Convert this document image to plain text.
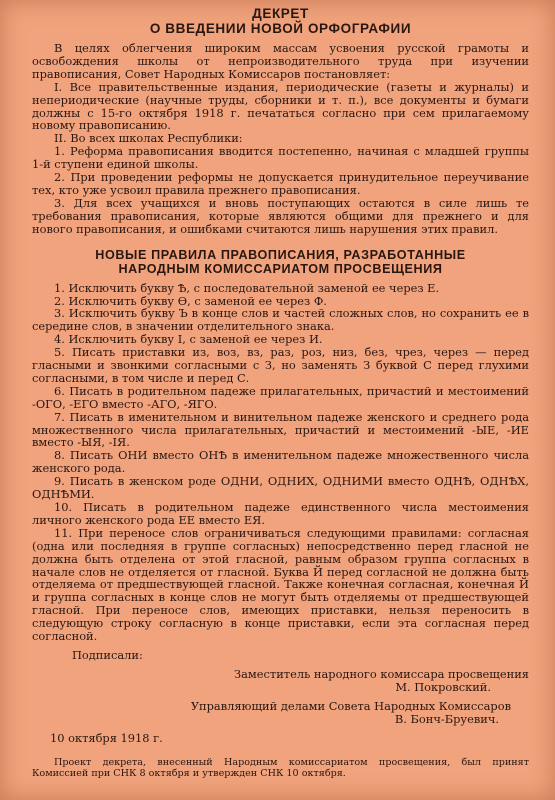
ДЕКРЕТ
О ВВЕДЕНИИ НОВОЙ ОРФОГРАФИИ

В целях облегчения широким массам усвоения русской грамоты и освобождения школы от непроизводительного труда при изучении правописания, Совет Народных Комиссаров постановляет:

I. Все правительственные издания, периодические (газеты и журналы) и непериодические (научные труды, сборники и т. п.), все документы и бумаги должны с 15-го октября 1918 г. печататься согласно при сем прилагаемому новому правописанию.

II. Во всех школах Республики:

1. Реформа правописания вводится постепенно, начиная с младшей группы 1-й ступени единой школы.

2. При проведении реформы не допускается принудительное переучивание тех, кто уже усвоил правила прежнего правописания.

3. Для всех учащихся и вновь поступающих остаются в силе лишь те требования правописания, которые являются общими для прежнего и для нового правописания, и ошибками считаются лишь нарушения этих правил.

НОВЫЕ ПРАВИЛА ПРАВОПИСАНИЯ, РАЗРАБОТАННЫЕ
НАРОДНЫМ КОМИССАРИАТОМ ПРОСВЕЩЕНИЯ

1. Исключить букву Ѣ, с последовательной заменой ее через Е.

2. Исключить букву Ѳ, с заменой ее через Ф.

3. Исключить букву Ъ в конце слов и частей сложных слов, но сохранить ее в середине слов, в значении отделительного знака.

4. Исключить букву I, с заменой ее через И.

5. Писать приставки из, воз, вз, раз, роз, низ, без, чрез, через — перед гласными и звонкими согласными с З, но заменять З буквой С перед глухими согласными, в том числе и перед С.

6. Писать в родительном падеже прилагательных, причастий и местоимений -ОГО, -ЕГО вместо -АГО, -ЯГО.

7. Писать в именительном и винительном падеже женского и среднего рода множественного числа прилагательных, причастий и местоимений -ЫЕ, -ИЕ вместо -ЫЯ, -IЯ.

8. Писать ОНИ вместо ОНѢ в именительном падеже множественного числа женского рода.

9. Писать в женском роде ОДНИ, ОДНИХ, ОДНИМИ вместо ОДНѢ, ОДНѢХ, ОДНѢМИ.

10. Писать в родительном падеже единственного числа местоимения личного женского рода ЕЕ вместо ЕЯ.

11. При переносе слов ограничиваться следующими правилами: согласная (одна или последняя в группе согласных) непосредственно перед гласной не должна быть отделена от этой гласной, равным образом группа согласных в начале слов не отделяется от гласной. Буква Й перед согласной не должна быть отделяема от предшествующей гласной. Также конечная согласная, конечная Й и группа согласных в конце слов не могут быть отделяемы от предшествующей гласной. При переносе слов, имеющих приставки, нельзя переносить в следующую строку согласную в конце приставки, если эта согласная перед согласной.

Подписали:
Заместитель народного комиссара просвещения
М. Покровский.
Управляющий делами Совета Народных Комиссаров
В. Бонч-Бруевич.
10 октября 1918 г.

Проект декрета, внесенный Народным комиссариатом просвещения, был принят Комиссией при СНК 8 октября и утвержден СНК 10 октября.
